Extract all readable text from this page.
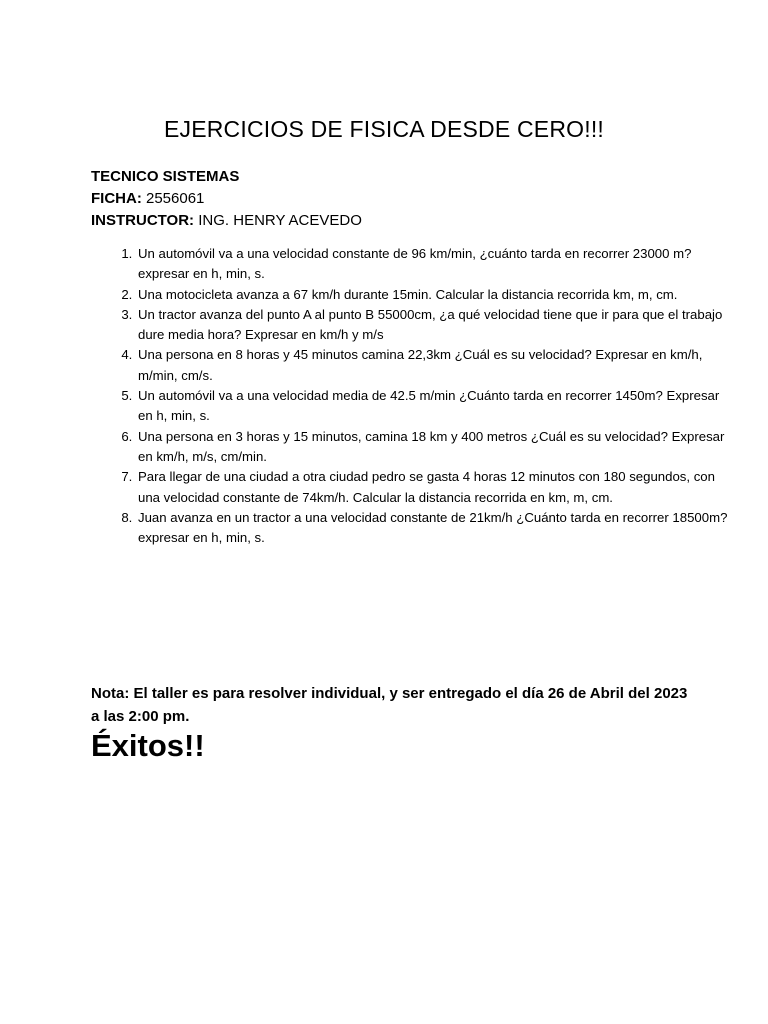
EJERCICIOS DE FISICA DESDE CERO!!!
TECNICO SISTEMAS
FICHA: 2556061
INSTRUCTOR: ING. HENRY ACEVEDO
1. Un automóvil va a una velocidad constante de 96 km/min, ¿cuánto tarda en recorrer 23000 m? expresar en h, min, s.
2. Una motocicleta avanza a 67 km/h durante 15min. Calcular la distancia recorrida km, m, cm.
3. Un tractor avanza del punto A al punto B 55000cm, ¿a qué velocidad tiene que ir para que el trabajo dure media hora? Expresar en km/h y m/s
4. Una persona en 8 horas y 45 minutos camina 22,3km ¿Cuál es su velocidad? Expresar en km/h, m/min, cm/s.
5. Un automóvil va a una velocidad media de 42.5 m/min ¿Cuánto tarda en recorrer 1450m? Expresar en h, min, s.
6. Una persona en 3 horas y 15 minutos, camina 18 km y 400 metros ¿Cuál es su velocidad? Expresar en km/h, m/s, cm/min.
7. Para llegar de una ciudad a otra ciudad pedro se gasta 4 horas 12 minutos con 180 segundos, con una velocidad constante de 74km/h. Calcular la distancia recorrida en km, m, cm.
8. Juan avanza en un tractor a una velocidad constante de 21km/h ¿Cuánto tarda en recorrer 18500m? expresar en h, min, s.
Nota: El taller es para resolver individual, y ser entregado el día 26 de Abril del 2023 a las 2:00 pm.
Éxitos!!
